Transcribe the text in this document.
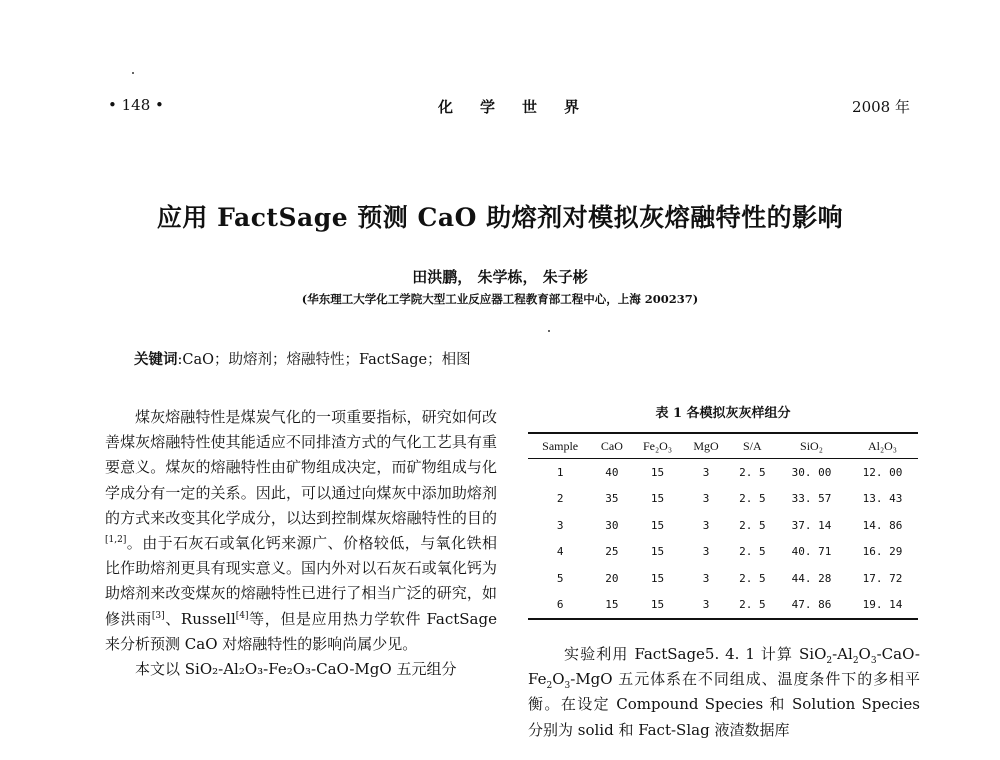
• 148 •	化学世界	2008 年
应用 FactSage 预测 CaO 助熔剂对模拟灰熔融特性的影响
田洪鹏， 朱学栋， 朱子彬
(华东理工大学化工学院大型工业反应器工程教育部工程中心，上海 200237)
关键词:CaO；助熔剂；熔融特性；FactSage；相图

煤灰熔融特性是煤炭气化的一项重要指标，研究如何改善煤灰熔融特性使其能适应不同排渣方式的气化工艺具有重要意义。煤灰的熔融特性由矿物组成决定，而矿物组成与化学成分有一定的关系。因此，可以通过向煤灰中添加助熔剂的方式来改变其化学成分，以达到控制煤灰熔融特性的目的[1,2]。由于石灰石或氧化钙来源广、价格较低，与氧化铁相比作助熔剂更具有现实意义。国内外对以石灰石或氧化钙为助熔剂来改变煤灰的熔融特性已进行了相当广泛的研究，如修洪雨[3]、Russell[4]等，但是应用热力学软件 FactSage 来分析预测 CaO 对熔融特性的影响尚属少见。

本文以 SiO₂-Al₂O₃-Fe₂O₃-CaO-MgO 五元组分

表 1 各模拟灰灰样组分
Sample	CaO	Fe₂O₃	MgO	S/A	SiO₂	Al₂O₃
1	40	15	3	2. 5	30. 00	12. 00
2	35	15	3	2. 5	33. 57	13. 43
3	30	15	3	2. 5	37. 14	14. 86
4	25	15	3	2. 5	40. 71	16. 29
5	20	15	3	2. 5	44. 28	17. 72
6	15	15	3	2. 5	47. 86	19. 14

实验利用 FactSage5. 4. 1 计算 $SiO_2-Al_2O_3-CaO-Fe_2O_3$-MgO 五元体系在不同组成、温度条件下的多相平衡。在设定 Compound Species 和 Solution Species 分别为 solid 和 Fact-Slag 液渣数据库
